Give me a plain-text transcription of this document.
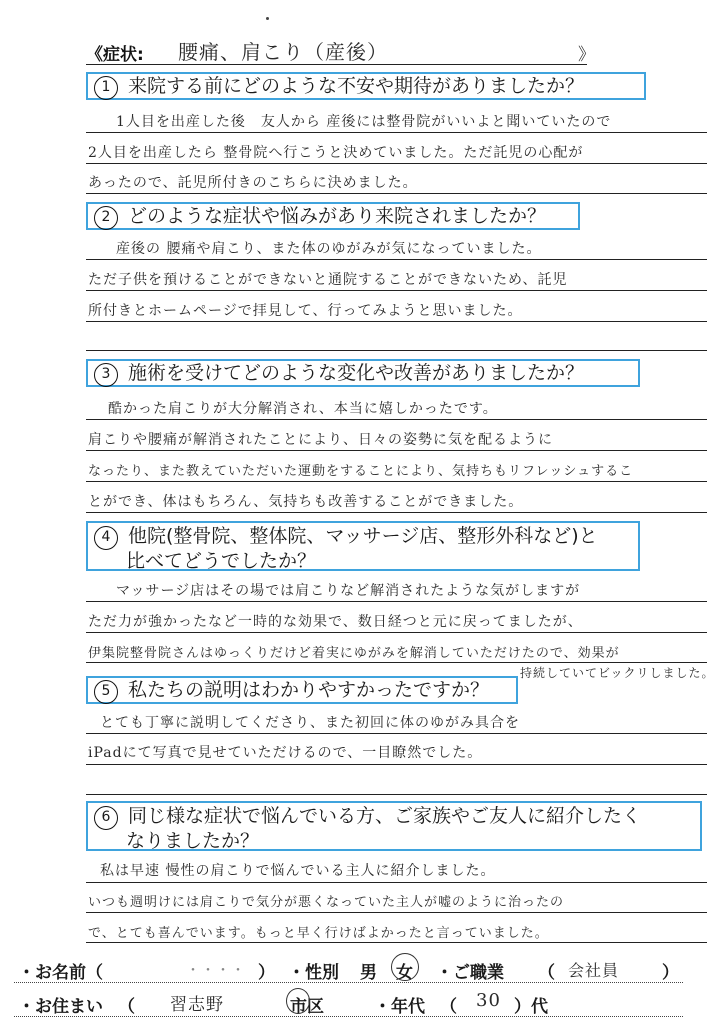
《症状: 腰痛、肩こり（産後）	》
1 来院する前にどのような不安や期待がありましたか？
1人目を出産した後　友人から 産後には整骨院がいいよと聞いていたので
2人目を出産したら 整骨院へ行こうと決めていました。ただ託児の心配が
あったので、託児所付きのこちらに決めました。
2 どのような症状や悩みがあり来院されましたか？
産後の 腰痛や肩こり、また体のゆがみが気になっていました。
ただ子供を預けることができないと通院することができないため、託児
所付きとホームページで拝見して、行ってみようと思いました。
3 施術を受けてどのような変化や改善がありましたか？
酷かった肩こりが大分解消され、本当に嬉しかったです。
肩こりや腰痛が解消されたことにより、日々の姿勢に気を配るように
なったり、また教えていただいた運動をすることにより、気持ちもリフレッシュするこ
とができ、体はもちろん、気持ちも改善することができました。
4 他院(整骨院、整体院、マッサージ店、整形外科など)と
比べてどうでしたか？
マッサージ店はその場では肩こりなど解消されたような気がしますが
ただ力が強かったなど一時的な効果で、数日経つと元に戻ってましたが、
伊集院整骨院さんはゆっくりだけど着実にゆがみを解消していただけたので、効果が
持続していてビックリしました。
5 私たちの説明はわかりやすかったですか？
とても丁寧に説明してくださり、また初回に体のゆがみ具合を
iPadにて写真で見せていただけるので、一目瞭然でした。
6 同じ様な症状で悩んでいる方、ご家族やご友人に紹介したく
なりましたか？
私は早速 慢性の肩こりで悩んでいる主人に紹介しました。
いつも週明けには肩こりで気分が悪くなっていた主人が嘘のように治ったの
で、とても喜んでいます。もっと早く行けばよかったと言っていました。
・お名前（	・・・・ ） ・性別 男 女 ・ご職業 （ 会社員	）
・お住まい （ 習志野	市区	・年代 （ 30 ）代
